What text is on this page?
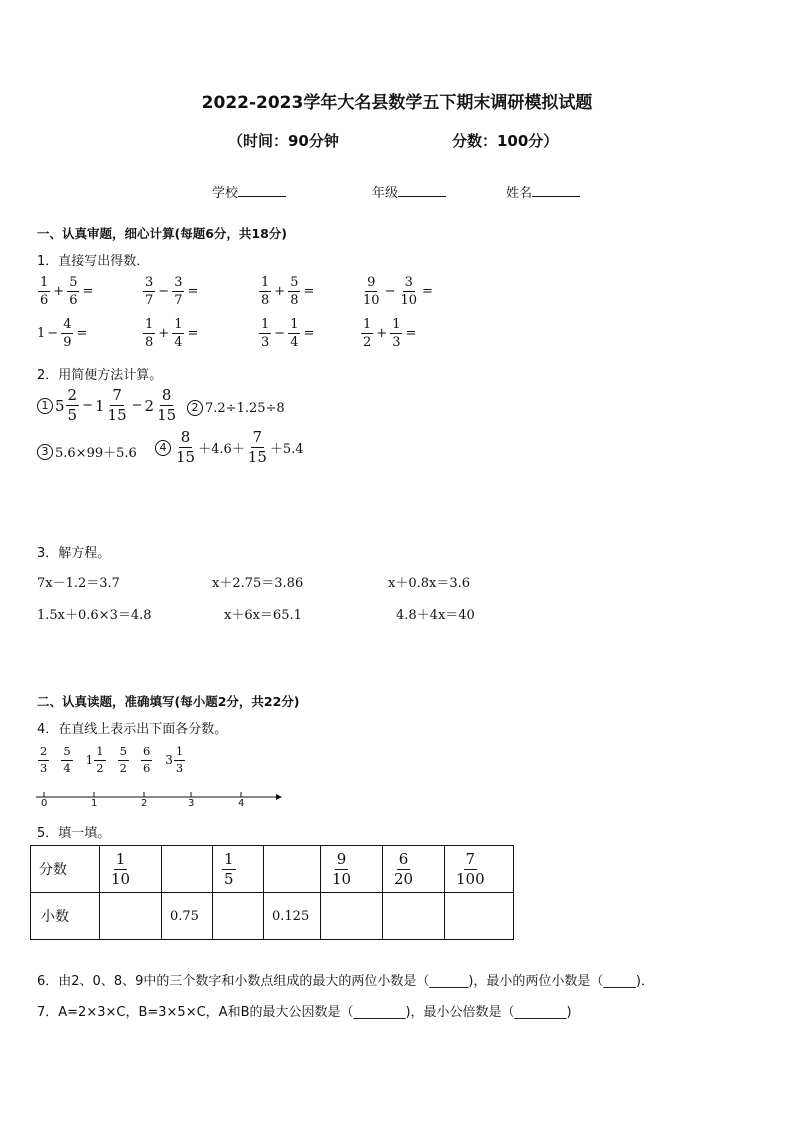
2022-2023学年大名县数学五下期末调研模拟试题
（时间：90分钟	分数：100分）
学校	年级	姓名
一、认真审题，细心计算(每题6分，共18分)
1．直接写出得数．
$\frac{1}{6} + \frac{5}{6}$ =	$\frac{3}{7} - \frac{3}{7}$ =	$\frac{1}{8} + \frac{5}{8}$ =	$\frac{9}{10} - \frac{3}{10}$ =
$1 - \frac{4}{9}$ =	$\frac{1}{8} + \frac{1}{4}$ =	$\frac{1}{3} - \frac{1}{4}$ =	$\frac{1}{2} + \frac{1}{3}$ =
2．用简便方法计算。
1 $5 \frac{2}{5} - 1 \frac{7}{15} - 2 \frac{8}{15}$	2 7.2÷1.25÷8
3 5.6×99＋5.6	$4 \frac{8}{15} +4.6+ \frac{7}{15} +5.4$
3．解方程。
7x－1.2＝3.7	x＋2.75＝3.86	x＋0.8x＝3.6
1.5x＋0.6×3＝4.8	x＋6x＝65.1	4.8＋4x＝40
二、认真读题，准确填写(每小题2分，共22分)
4．在直线上表示出下面各分数。
$\frac{2}{3} \frac{5}{4} 1 \frac{1}{2} \frac{5}{2} \frac{6}{6} 3 \frac{1}{3}$
0	1	2	3	4
5．填一填。
分数	$\frac{1}{10}$		$\frac{1}{5}$		$\frac{9}{10}$	$\frac{6}{20}$	$\frac{7}{100}$

小数		0.75		0.125			
6．由2、0、8、9中的三个数字和小数点组成的最大的两位小数是（______)，最小的两位小数是（_____)．
7．A=2×3×C，B=3×5×C，A和B的最大公因数是（________)，最小公倍数是（________)
